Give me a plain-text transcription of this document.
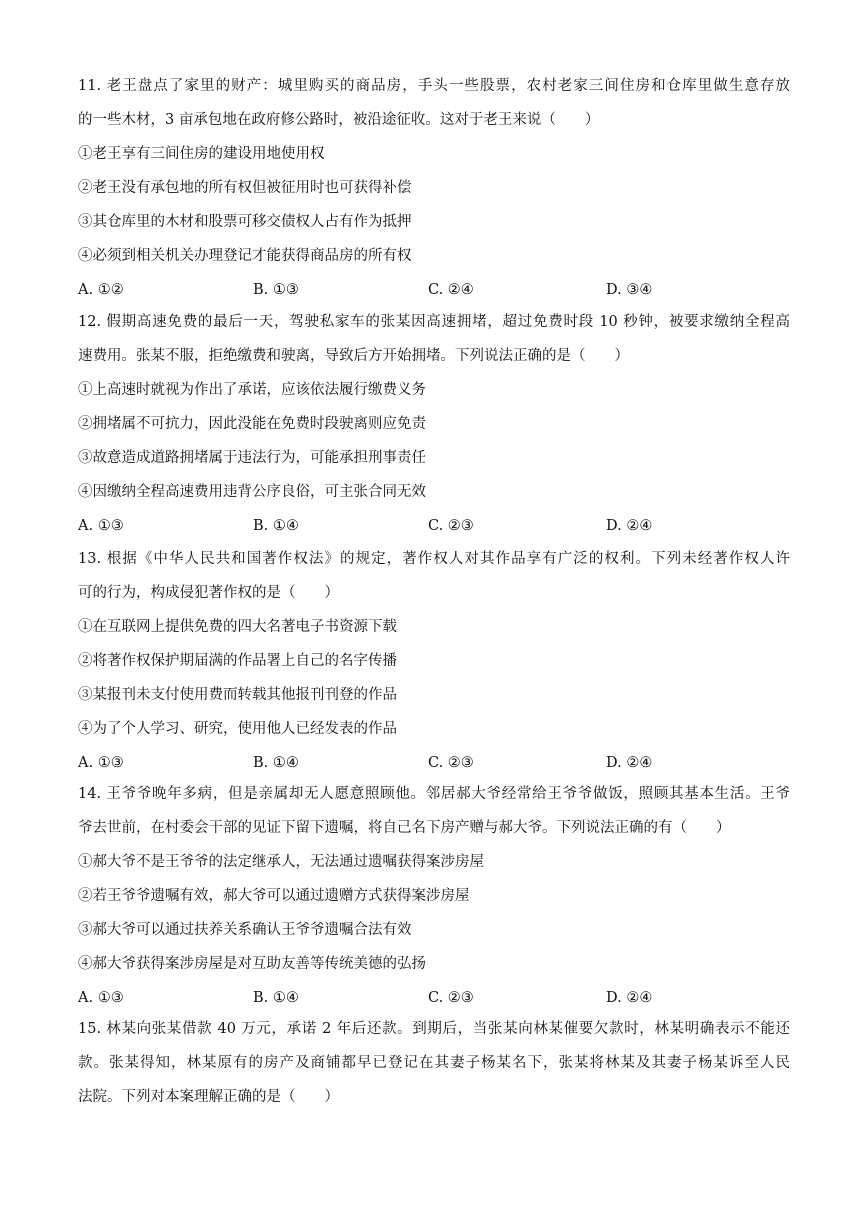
11. 老王盘点了家里的财产：城里购买的商品房，手头一些股票，农村老家三间住房和仓库里做生意存放
的一些木材，3 亩承包地在政府修公路时，被沿途征收。这对于老王来说（　　）
①老王享有三间住房的建设用地使用权
②老王没有承包地的所有权但被征用时也可获得补偿
③其仓库里的木材和股票可移交债权人占有作为抵押
④必须到相关机关办理登记才能获得商品房的所有权
A. ①②	B. ①③	C. ②④	D. ③④
12. 假期高速免费的最后一天，驾驶私家车的张某因高速拥堵，超过免费时段 10 秒钟，被要求缴纳全程高
速费用。张某不服，拒绝缴费和驶离，导致后方开始拥堵。下列说法正确的是（　　）
①上高速时就视为作出了承诺，应该依法履行缴费义务
②拥堵属不可抗力，因此没能在免费时段驶离则应免责
③故意造成道路拥堵属于违法行为，可能承担刑事责任
④因缴纳全程高速费用违背公序良俗，可主张合同无效
A. ①③	B. ①④	C. ②③	D. ②④
13. 根据《中华人民共和国著作权法》的规定，著作权人对其作品享有广泛的权利。下列未经著作权人许
可的行为，构成侵犯著作权的是（　　）
①在互联网上提供免费的四大名著电子书资源下载
②将著作权保护期届满的作品署上自己的名字传播
③某报刊未支付使用费而转载其他报刊刊登的作品
④为了个人学习、研究，使用他人已经发表的作品
A. ①③	B. ①④	C. ②③	D. ②④
14. 王爷爷晚年多病，但是亲属却无人愿意照顾他。邻居郝大爷经常给王爷爷做饭，照顾其基本生活。王爷
爷去世前，在村委会干部的见证下留下遗嘱，将自己名下房产赠与郝大爷。下列说法正确的有（　　）
①郝大爷不是王爷爷的法定继承人，无法通过遗嘱获得案涉房屋
②若王爷爷遗嘱有效，郝大爷可以通过遗赠方式获得案涉房屋
③郝大爷可以通过扶养关系确认王爷爷遗嘱合法有效
④郝大爷获得案涉房屋是对互助友善等传统美德的弘扬
A. ①③	B. ①④	C. ②③	D. ②④
15. 林某向张某借款 40 万元，承诺 2 年后还款。到期后，当张某向林某催要欠款时，林某明确表示不能还
款。张某得知，林某原有的房产及商铺都早已登记在其妻子杨某名下，张某将林某及其妻子杨某诉至人民
法院。下列对本案理解正确的是（　　）
